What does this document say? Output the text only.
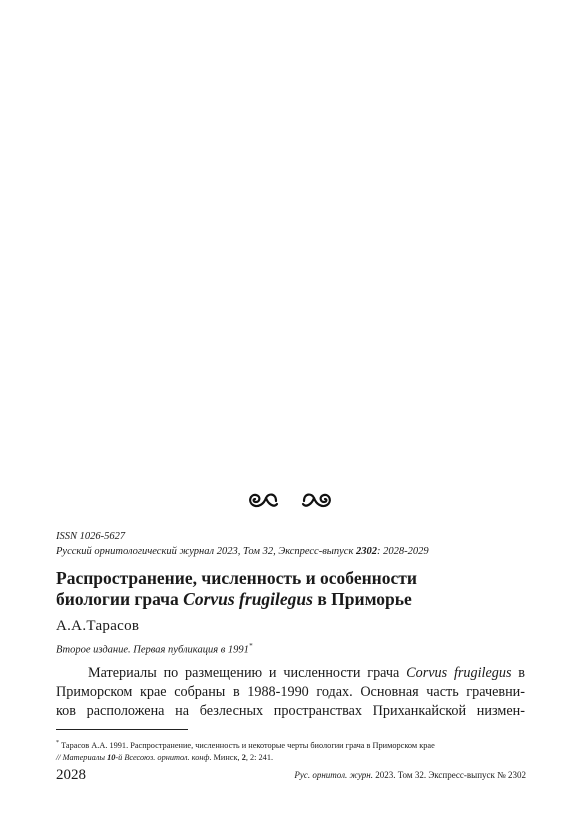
ISSN 1026-5627
Русский орнитологический журнал 2023, Том 32, Экспресс-выпуск 2302: 2028-2029
Распространение, численность и особенности
биологии грача Corvus frugilegus в Приморье
А.А.Тарасов
Второе издание. Первая публикация в 1991*
Материалы по размещению и численности грача Corvus frugilegus в
Приморском крае собраны в 1988-1990 годах. Основная часть грачевни-
ков расположена на безлесных пространствах Приханкайской низмен-
* Тарасов А.А. 1991. Распространение, численность и некоторые черты биологии грача в Приморском крае
// Материалы 10-й Всесоюз. орнитол. конф. Минск, 2, 2: 241.
2028	Рус. орнитол. журн. 2023. Том 32. Экспресс-выпуск № 2302
